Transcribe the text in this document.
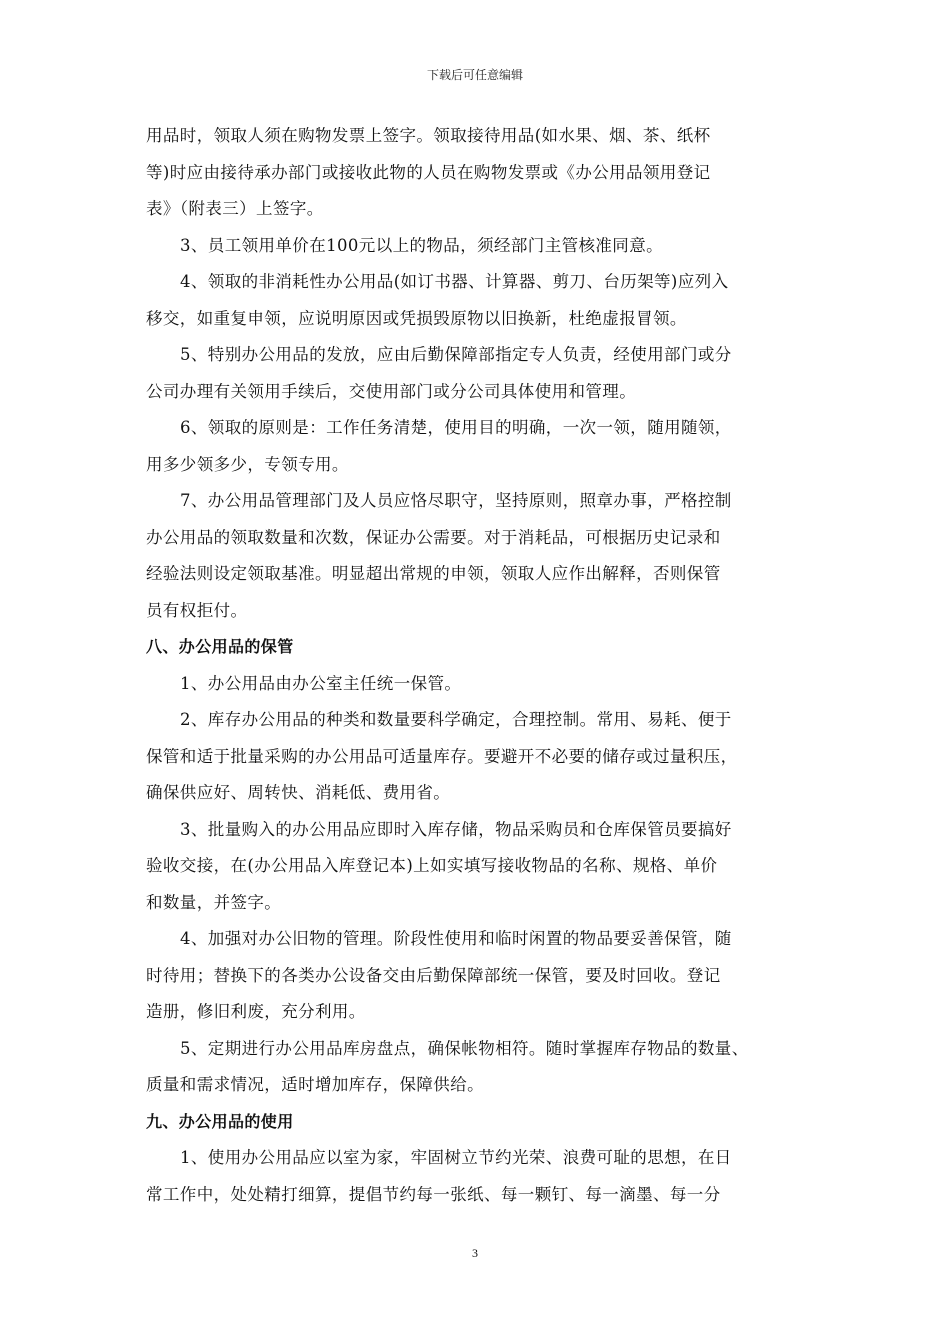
下载后可任意编辑
用品时，领取人须在购物发票上签字。领取接待用品(如水果、烟、茶、纸杯
等)时应由接待承办部门或接收此物的人员在购物发票或《办公用品领用登记
表》（附表三）上签字。
3、员工领用单价在100元以上的物品，须经部门主管核准同意。
4、领取的非消耗性办公用品(如订书器、计算器、剪刀、台历架等)应列入
移交，如重复申领，应说明原因或凭损毁原物以旧换新，杜绝虚报冒领。
5、特别办公用品的发放，应由后勤保障部指定专人负责，经使用部门或分
公司办理有关领用手续后，交使用部门或分公司具体使用和管理。
6、领取的原则是：工作任务清楚，使用目的明确，一次一领，随用随领，
用多少领多少，专领专用。
7、办公用品管理部门及人员应恪尽职守，坚持原则，照章办事，严格控制
办公用品的领取数量和次数，保证办公需要。对于消耗品，可根据历史记录和
经验法则设定领取基准。明显超出常规的申领，领取人应作出解释，否则保管
员有权拒付。
八、办公用品的保管
1、办公用品由办公室主任统一保管。
2、库存办公用品的种类和数量要科学确定，合理控制。常用、易耗、便于
保管和适于批量采购的办公用品可适量库存。要避开不必要的储存或过量积压，
确保供应好、周转快、消耗低、费用省。
3、批量购入的办公用品应即时入库存储，物品采购员和仓库保管员要搞好
验收交接，在(办公用品入库登记本)上如实填写接收物品的名称、规格、单价
和数量，并签字。
4、加强对办公旧物的管理。阶段性使用和临时闲置的物品要妥善保管，随
时待用；替换下的各类办公设备交由后勤保障部统一保管，要及时回收。登记
造册，修旧利废，充分利用。
5、定期进行办公用品库房盘点，确保帐物相符。随时掌握库存物品的数量、
质量和需求情况，适时增加库存，保障供给。
九、办公用品的使用
1、使用办公用品应以室为家，牢固树立节约光荣、浪费可耻的思想，在日
常工作中，处处精打细算，提倡节约每一张纸、每一颗钉、每一滴墨、每一分
3
